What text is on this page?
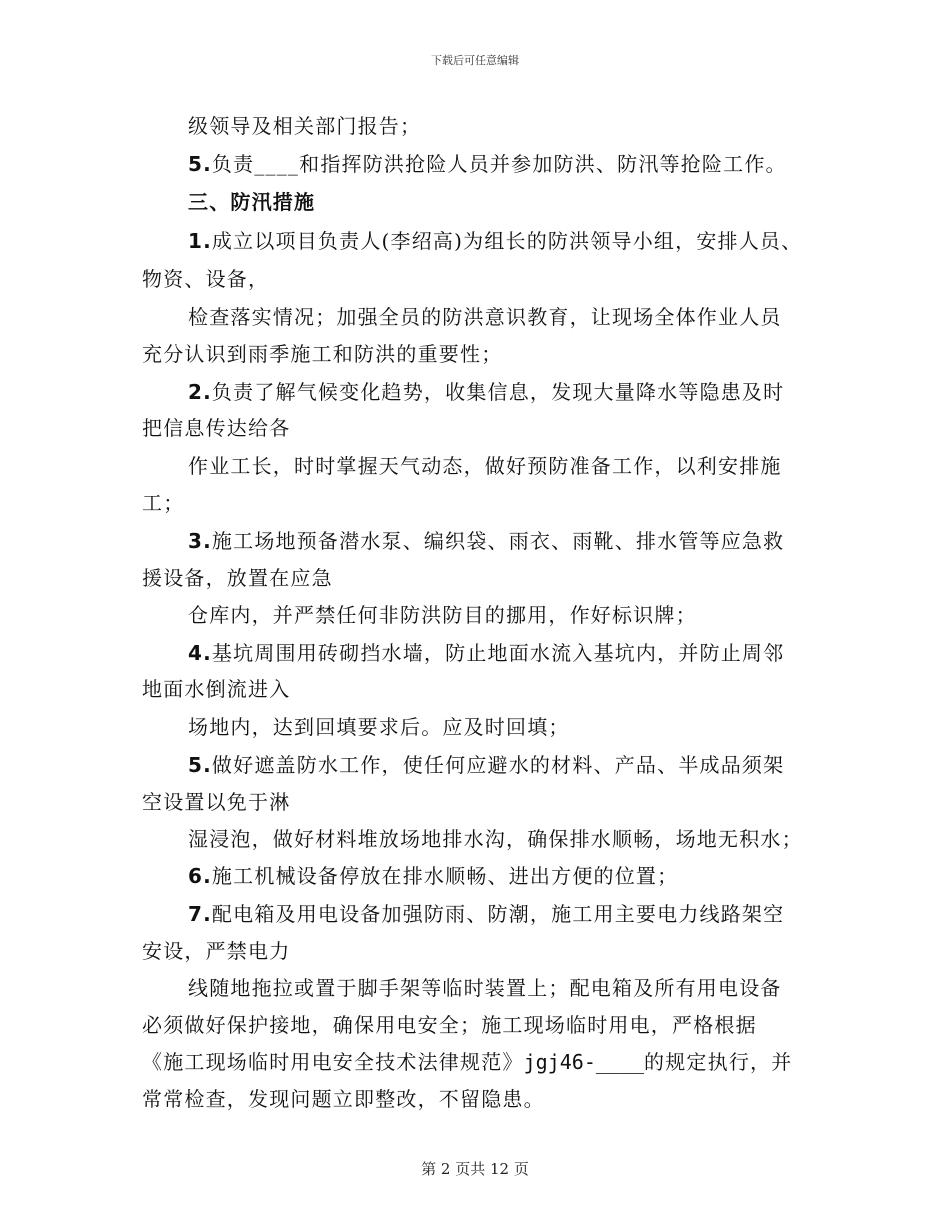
下载后可任意编辑
级领导及相关部门报告；
5.负责____和指挥防洪抢险人员并参加防洪、防汛等抢险工作。
三、防汛措施
1.成立以项目负责人(李绍高)为组长的防洪领导小组，安排人员、
物资、设备，
检查落实情况；加强全员的防洪意识教育，让现场全体作业人员
充分认识到雨季施工和防洪的重要性；
2.负责了解气候变化趋势，收集信息，发现大量降水等隐患及时
把信息传达给各
作业工长，时时掌握天气动态，做好预防准备工作，以利安排施
工；
3.施工场地预备潜水泵、编织袋、雨衣、雨靴、排水管等应急救
援设备，放置在应急
仓库内，并严禁任何非防洪防目的挪用，作好标识牌；
4.基坑周围用砖砌挡水墙，防止地面水流入基坑内，并防止周邻
地面水倒流进入
场地内，达到回填要求后。应及时回填；
5.做好遮盖防水工作，使任何应避水的材料、产品、半成品须架
空设置以免于淋
湿浸泡，做好材料堆放场地排水沟，确保排水顺畅，场地无积水；
6.施工机械设备停放在排水顺畅、进出方便的位置；
7.配电箱及用电设备加强防雨、防潮，施工用主要电力线路架空
安设，严禁电力
线随地拖拉或置于脚手架等临时装置上；配电箱及所有用电设备
必须做好保护接地，确保用电安全；施工现场临时用电，严格根据
《施工现场临时用电安全技术法律规范》jgj46-____的规定执行，并
常常检查，发现问题立即整改，不留隐患。
第 2 页共 12 页
